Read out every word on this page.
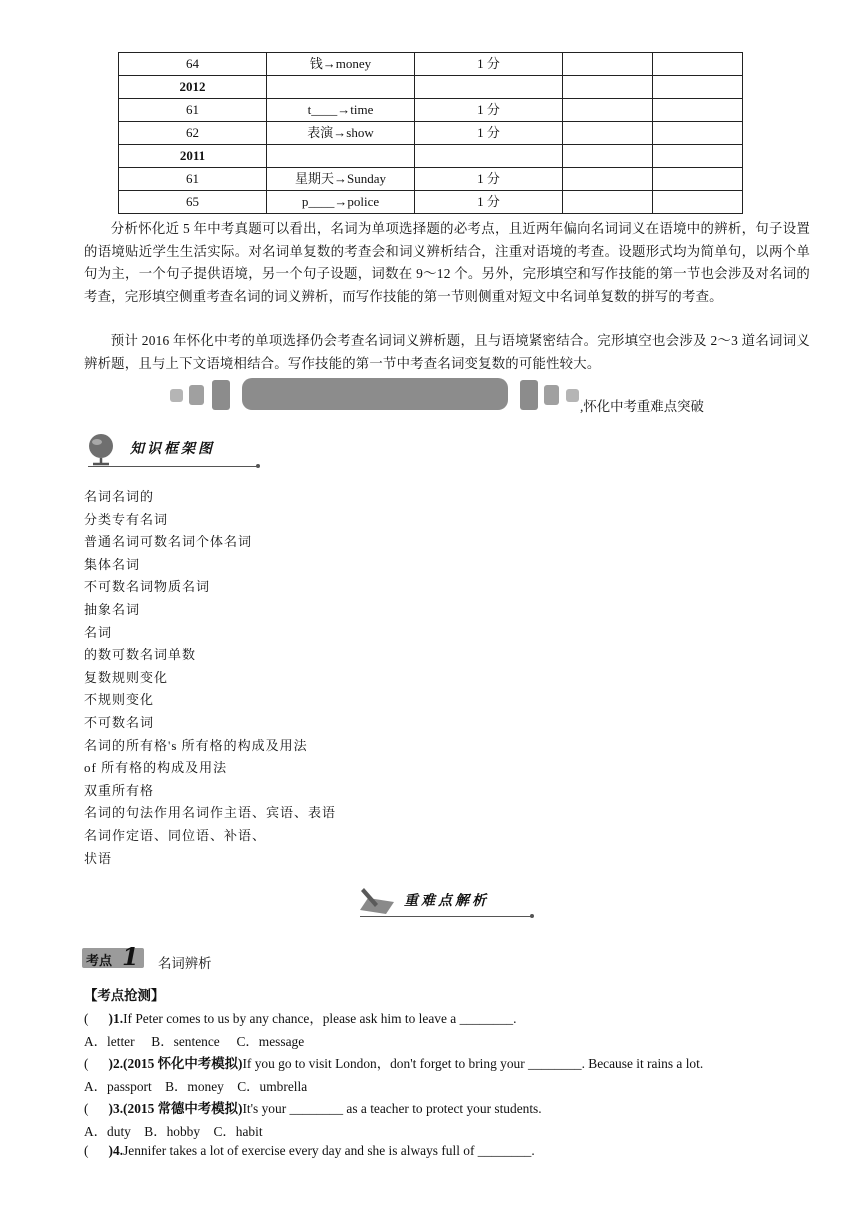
64	钱→money	1 分		
2012				
61	t____→time	1 分		
62	表演→show	1 分		
2011				
61	星期天→Sunday	1 分		
65	p____→police	1 分		
分析怀化近 5 年中考真题可以看出，名词为单项选择题的必考点，且近两年偏向名词词义在语境中的辨析，句子设置的语境贴近学生生活实际。对名词单复数的考查会和词义辨析结合，注重对语境的考查。设题形式均为简单句，以两个单句为主，一个句子提供语境，另一个句子设题，词数在 9～12 个。另外，完形填空和写作技能的第一节也会涉及对名词的考查，完形填空侧重考查名词的词义辨析，而写作技能的第一节则侧重对短文中名词单复数的拼写的考查。
预计 2016 年怀化中考的单项选择仍会考查名词词义辨析题，且与语境紧密结合。完形填空也会涉及 2～3 道名词词义辨析题，且与上下文语境相结合。写作技能的第一节中考查名词变复数的可能性较大。
,怀化中考重难点突破
知识框架图
名词名词的
分类专有名词
普通名词可数名词个体名词
集体名词
不可数名词物质名词
抽象名词
名词
的数可数名词单数
复数规则变化
不规则变化
不可数名词
名词的所有格's 所有格的构成及用法
of 所有格的构成及用法
双重所有格
名词的句法作用名词作主语、宾语、表语
名词作定语、同位语、补语、
状语
重难点解析
考点 1 名词辨析
【考点抢测】
(  )1.If Peter comes to us by any chance，please ask him to leave a ________.
A．letter　 B．sentence　 C．message
(  )2.(2015 怀化中考模拟)If you go to visit London，don't forget to bring your ________. Because it rains a lot.
A．passport　B．money　C．umbrella
(  )3.(2015 常德中考模拟)It's your ________ as a teacher to protect your students.
A．duty　B．hobby　C．habit
(  )4.Jennifer takes a lot of exercise every day and she is always full of ________.
